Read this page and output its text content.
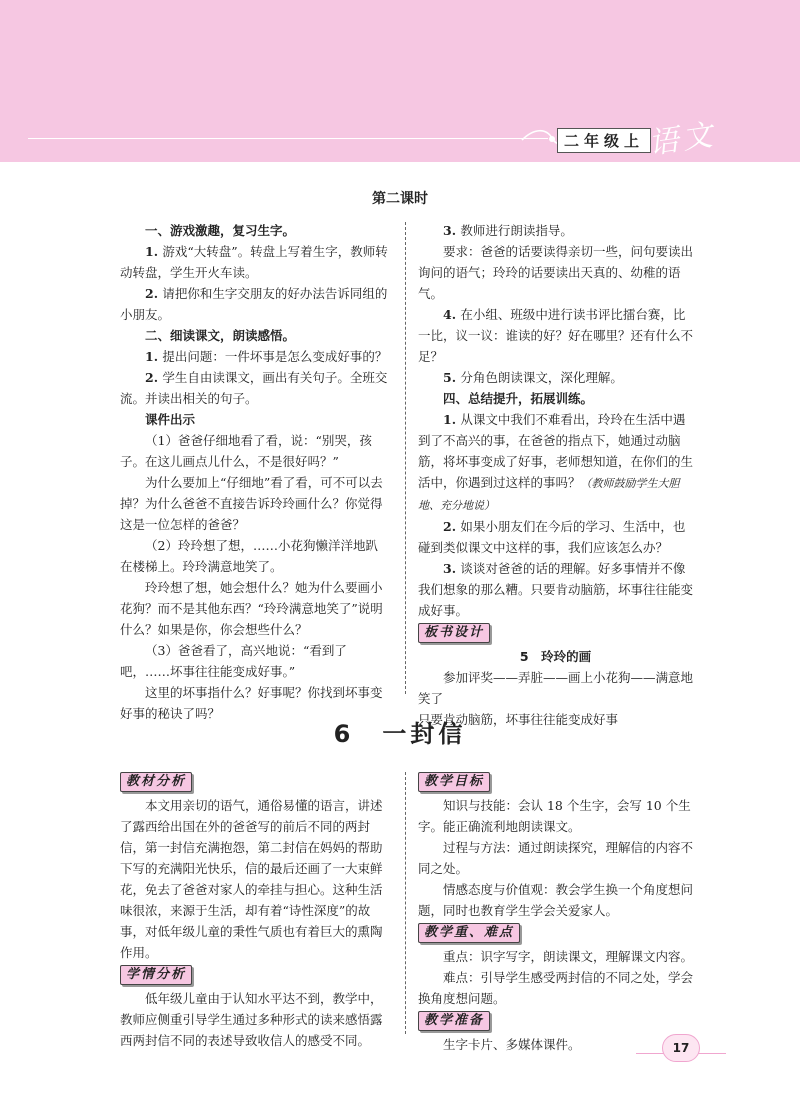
二年级上 语文
第二课时

一、游戏激趣，复习生字。

1. 游戏“大转盘”。转盘上写着生字，教师转动转盘，学生开火车读。

2. 请把你和生字交朋友的好办法告诉同组的小朋友。

二、细读课文，朗读感悟。

1. 提出问题：一件坏事是怎么变成好事的？

2. 学生自由读课文，画出有关句子。全班交流。并读出相关的句子。

课件出示

（1）爸爸仔细地看了看，说：“别哭，孩子。在这儿画点儿什么，不是很好吗？”

为什么要加上“仔细地”看了看，可不可以去掉？为什么爸爸不直接告诉玲玲画什么？你觉得这是一位怎样的爸爸？

（2）玲玲想了想，……小花狗懒洋洋地趴在楼梯上。玲玲满意地笑了。

玲玲想了想，她会想什么？她为什么要画小花狗？而不是其他东西？“玲玲满意地笑了”说明什么？如果是你，你会想些什么？

（3）爸爸看了，高兴地说：“看到了吧，……坏事往往能变成好事。”

这里的坏事指什么？好事呢？你找到坏事变好事的秘诀了吗？

3. 教师进行朗读指导。

要求：爸爸的话要读得亲切一些，问句要读出询问的语气；玲玲的话要读出天真的、幼稚的语气。

4. 在小组、班级中进行读书评比擂台赛，比一比，议一议：谁读的好？好在哪里？还有什么不足？

5. 分角色朗读课文，深化理解。

四、总结提升，拓展训练。

1. 从课文中我们不难看出，玲玲在生活中遇到了不高兴的事，在爸爸的指点下，她通过动脑筋，将坏事变成了好事，老师想知道，在你们的生活中，你遇到过这样的事吗？（教师鼓励学生大胆地、充分地说）

2. 如果小朋友们在今后的学习、生活中，也碰到类似课文中这样的事，我们应该怎么办？

3. 谈谈对爸爸的话的理解。好多事情并不像我们想象的那么糟。只要肯动脑筋，坏事往往能变成好事。

板书设计

5　玲玲的画

参加评奖——弄脏——画上小花狗——满意地笑了

只要肯动脑筋，坏事往往能变成好事

6　一封信

教材分析

本文用亲切的语气，通俗易懂的语言，讲述了露西给出国在外的爸爸写的前后不同的两封信，第一封信充满抱怨，第二封信在妈妈的帮助下写的充满阳光快乐，信的最后还画了一大束鲜花，免去了爸爸对家人的牵挂与担心。这种生活味很浓，来源于生活，却有着“诗性深度”的故事，对低年级儿童的秉性气质也有着巨大的熏陶作用。

学情分析

低年级儿童由于认知水平达不到，教学中，教师应侧重引导学生通过多种形式的读来感悟露西两封信不同的表述导致收信人的感受不同。

教学目标

知识与技能：会认 18 个生字，会写 10 个生字。能正确流利地朗读课文。

过程与方法：通过朗读探究，理解信的内容不同之处。

情感态度与价值观：教会学生换一个角度想问题，同时也教育学生学会关爱家人。

教学重、难点

重点：识字写字，朗读课文，理解课文内容。

难点：引导学生感受两封信的不同之处，学会换角度想问题。

教学准备

生字卡片、多媒体课件。	17
